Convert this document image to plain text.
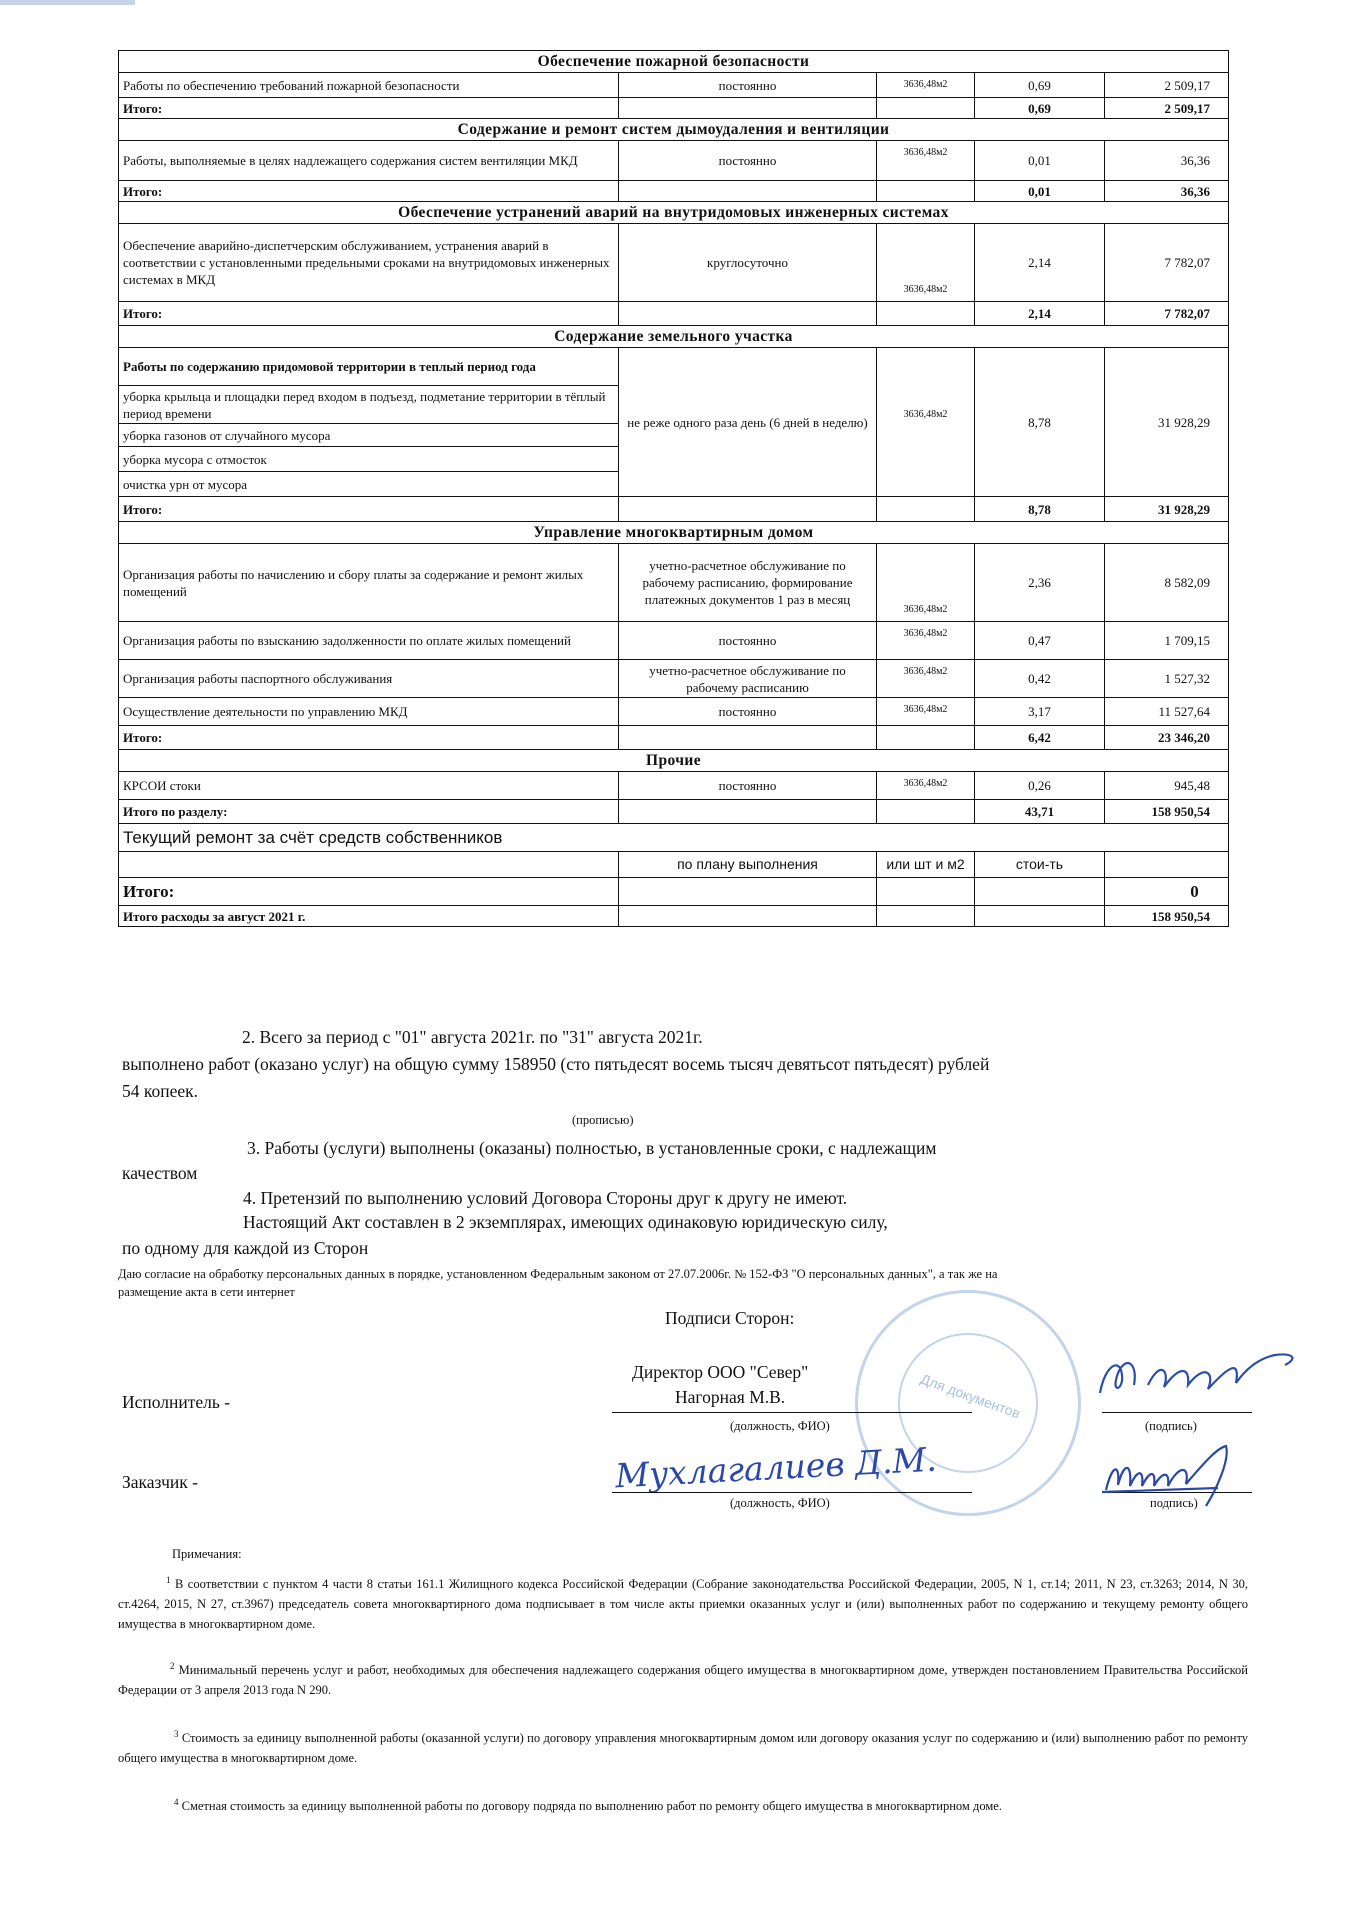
Обеспечение пожарной безопасности				
Работы по обеспечению требований пожарной безопасности	постоянно	3636,48м2	0,69	2 509,17
Итого:			0,69	2 509,17
Содержание и ремонт систем дымоудаления и вентиляции				
Работы, выполняемые в целях надлежащего содержания систем вентиляции МКД	постоянно	3636,48м2	0,01	36,36
Итого:			0,01	36,36
Обеспечение устранений аварий на внутридомовых инженерных системах				
Обеспечение аварийно-диспетчерским обслуживанием, устранения аварий в соответствии с установленными предельными сроками на внутридомовых инженерных системах в МКД	круглосуточно	3636,48м2	2,14	7 782,07
Итого:			2,14	7 782,07
Содержание земельного участка				
Работы по содержанию придомовой территории в теплый период года	не реже одного раза день (6 дней в неделю)	3636,48м2	8,78	31 928,29
уборка крыльца и площадки перед входом в подъезд, подметание территории в тёплый период времени				
уборка газонов от случайного мусора				
уборка мусора с отмосток				
очистка урн от мусора				
Итого:			8,78	31 928,29
Управление многоквартирным домом				
Организация работы по начислению и сбору платы за содержание и ремонт жилых помещений	учетно-расчетное обслуживание по рабочему расписанию, формирование платежных документов 1 раз в месяц	3636,48м2	2,36	8 582,09
Организация работы по взысканию задолженности по оплате жилых помещений	постоянно	3636,48м2	0,47	1 709,15
Организация работы паспортного обслуживания	учетно-расчетное обслуживание по рабочему расписанию	3636,48м2	0,42	1 527,32
Осуществление деятельности по управлению МКД	постоянно	3636,48м2	3,17	11 527,64
Итого:			6,42	23 346,20
Прочие				
КРСОИ стоки	постоянно	3636,48м2	0,26	945,48
Итого по разделу:			43,71	158 950,54
Текущий ремонт за счёт средств собственников				
	по плану выполнения	или шт и м2	стои-ть	
Итого:				0
Итого расходы за август 2021 г.				158 950,54
2. Всего за период с "01" августа 2021г. по "31" августа 2021г.
выполнено работ (оказано услуг) на общую сумму 158950 (сто пятьдесят восемь тысяч девятьсот пятьдесят) рублей
54 копеек.
(прописью)
3. Работы (услуги) выполнены (оказаны) полностью, в установленные сроки, с надлежащим
качеством
4. Претензий по выполнению условий Договора Стороны друг к другу не имеют.
Настоящий Акт составлен в 2 экземплярах, имеющих одинаковую юридическую силу,
по одному для каждой из Сторон
Даю согласие на обработку персональных данных в порядке, установленном Федеральным законом от 27.07.2006г. № 152-ФЗ "О персональных данных", а так же на
размещение акта в сети интернет
Для документов
Подписи Сторон:
Директор ООО "Север"
Исполнитель -	Нагорная М.В.
(должность, ФИО)	(подпись)
Заказчик -	Мухлагалиев Д.М.
(должность, ФИО)	подпись)
Примечания:
$^1$ В соответствии с пунктом 4 части 8 статьи 161.1 Жилищного кодекса Российской Федерации (Собрание законодательства Российской Федерации, 2005, N 1, ст.14; 2011, N 23, ст.3263; 2014, N 30, ст.4264, 2015, N 27, ст.3967) председатель совета многоквартирного дома подписывает в том числе акты приемки оказанных услуг и (или) выполненных работ по содержанию и текущему ремонту общего имущества в многоквартирном доме.
$^2$ Минимальный перечень услуг и работ, необходимых для обеспечения надлежащего содержания общего имущества в многоквартирном доме, утвержден постановлением Правительства Российской Федерации от 3 апреля 2013 года N 290.
$^3$ Стоимость за единицу выполненной работы (оказанной услуги) по договору управления многоквартирным домом или договору оказания услуг по содержанию и (или) выполнению работ по ремонту общего имущества в многоквартирном доме.
$^4$ Сметная стоимость за единицу выполненной работы по договору подряда по выполнению работ по ремонту общего имущества в многоквартирном доме.
